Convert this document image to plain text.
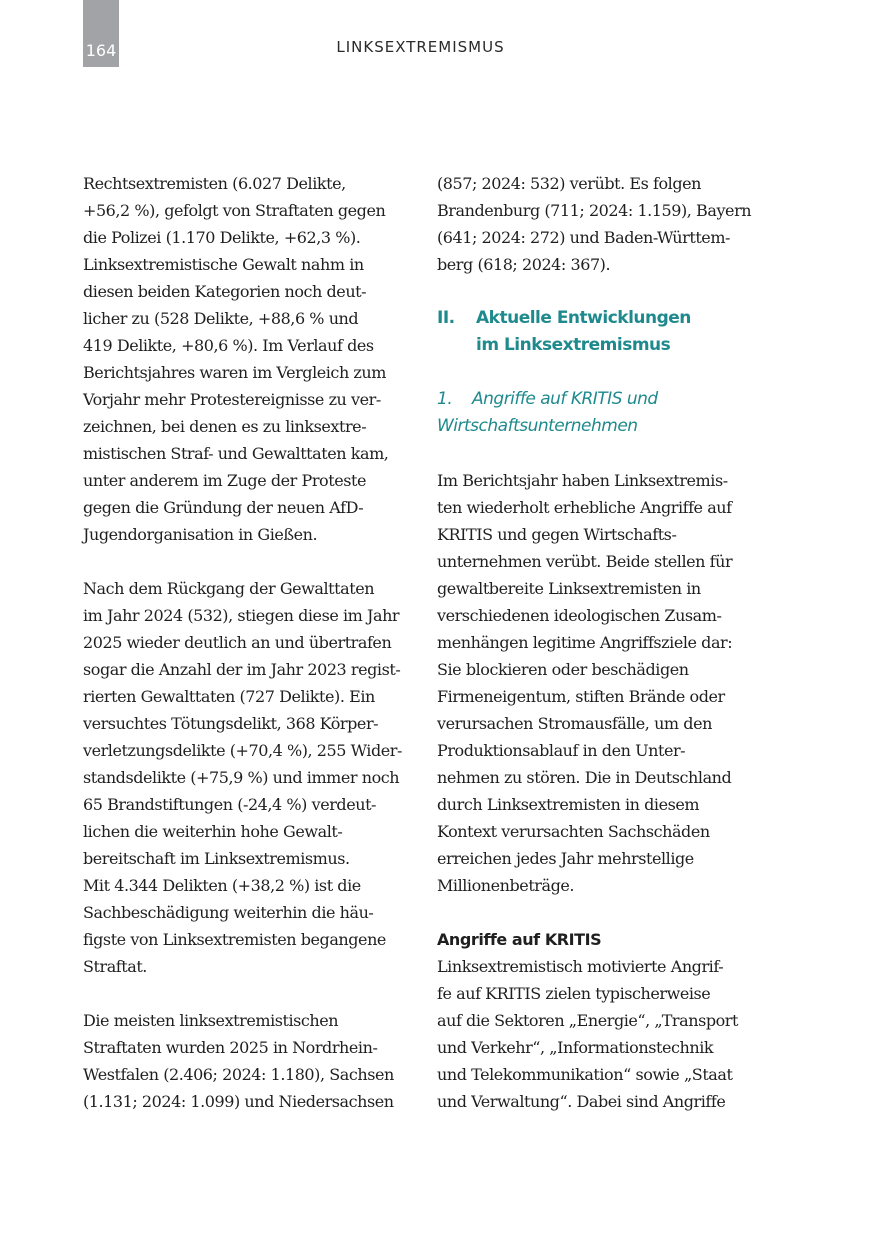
164	LINKSEXTREMISMUS
Rechtsextremisten (6.027 Delikte,
+56,2 %), gefolgt von Straftaten gegen
die Polizei (1.170 Delikte, +62,3 %).
Linksextremistische Gewalt nahm in
diesen beiden Kategorien noch deut-
licher zu (528 Delikte, +88,6 % und
419 Delikte, +80,6 %). Im Verlauf des
Berichtsjahres waren im Vergleich zum
Vorjahr mehr Protestereignisse zu ver-
zeichnen, bei denen es zu linksextre-
mistischen Straf- und Gewalttaten kam,
unter anderem im Zuge der Proteste
gegen die Gründung der neuen AfD-
Jugendorganisation in Gießen.
Nach dem Rückgang der Gewalttaten
im Jahr 2024 (532), stiegen diese im Jahr
2025 wieder deutlich an und übertrafen
sogar die Anzahl der im Jahr 2023 regist-
rierten Gewalttaten (727 Delikte). Ein
versuchtes Tötungsdelikt, 368 Körper-
verletzungsdelikte (+70,4 %), 255 Wider-
standsdelikte (+75,9 %) und immer noch
65 Brandstiftungen (-24,4 %) verdeut-
lichen die weiterhin hohe Gewalt-
bereitschaft im Linksextremismus.
Mit 4.344 Delikten (+38,2 %) ist die
Sachbeschädigung weiterhin die häu-
figste von Linksextremisten begangene
Straftat.
Die meisten linksextremistischen
Straftaten wurden 2025 in Nordrhein-
Westfalen (2.406; 2024: 1.180), Sachsen
(1.131; 2024: 1.099) und Niedersachsen
(857; 2024: 532) verübt. Es folgen
Brandenburg (711; 2024: 1.159), Bayern
(641; 2024: 272) und Baden-Württem-
berg (618; 2024: 367).
II.	Aktuelle Entwicklungen
im Linksextremismus
1. Angriffe auf KRITIS und
Wirtschaftsunternehmen
Im Berichtsjahr haben Linksextremis-
ten wiederholt erhebliche Angriffe auf
KRITIS und gegen Wirtschafts-
unternehmen verübt. Beide stellen für
gewaltbereite Linksextremisten in
verschiedenen ideologischen Zusam-
menhängen legitime Angriffsziele dar:
Sie blockieren oder beschädigen
Firmeneigentum, stiften Brände oder
verursachen Stromausfälle, um den
Produktionsablauf in den Unter-
nehmen zu stören. Die in Deutschland
durch Linksextremisten in diesem
Kontext verursachten Sachschäden
erreichen jedes Jahr mehrstellige
Millionenbeträge.
Angriffe auf KRITIS
Linksextremistisch motivierte Angrif-
fe auf KRITIS zielen typischerweise
auf die Sektoren „Energie“, „Transport
und Verkehr“, „Informationstechnik
und Telekommunikation“ sowie „Staat
und Verwaltung“. Dabei sind Angriffe
